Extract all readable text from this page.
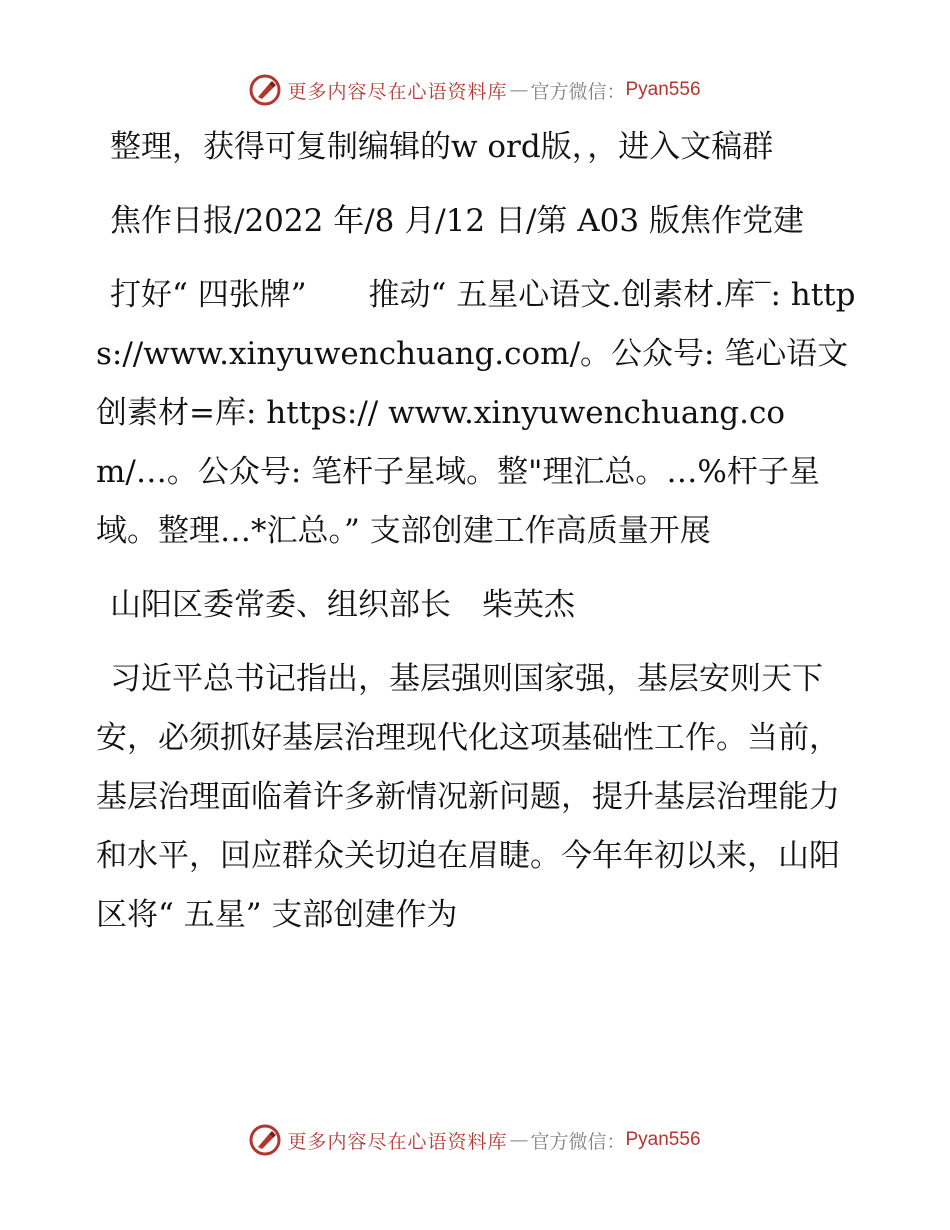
更多内容尽在心语资料库 — 官方微信： Pyan556

整理，获得可复制编辑的w ord版，，进入文稿群

焦作日报/2022 年/8 月/12 日/第 A03 版焦作党建

打好“ 四张牌”　　推动“ 五星心语文.创素材.库‾: https://www.xinyuwenchuang.com/。公众号: 笔心语文创素材=库: https:// www.xinyuwenchuang.com/…。公众号: 笔杆子星域。整"理汇总。…%杆子星域。整理…*汇总。” 支部创建工作高质量开展

山阳区委常委、组织部长　柴英杰

习近平总书记指出，基层强则国家强，基层安则天下安，必须抓好基层治理现代化这项基础性工作。当前，基层治理面临着许多新情况新问题，提升基层治理能力和水平，回应群众关切迫在眉睫。今年年初以来，山阳区将“ 五星” 支部创建作为

更多内容尽在心语资料库 — 官方微信： Pyan556
